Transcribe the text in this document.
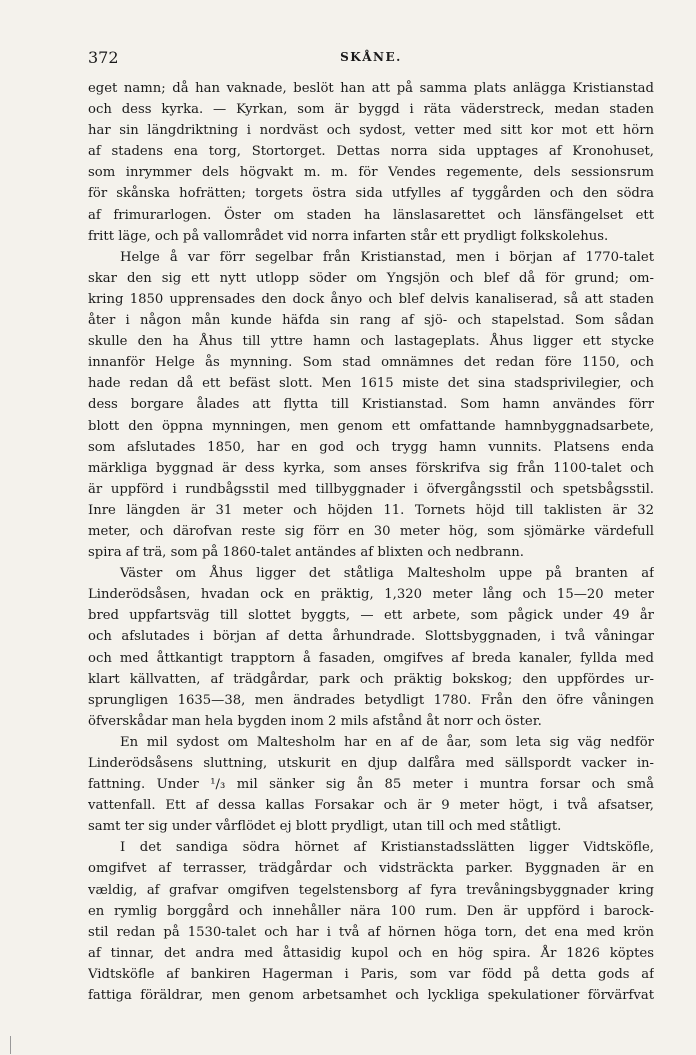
372	SKÅNE.
eget namn; då han vaknade, beslöt han att på samma plats anlägga Kristianstad
och dess kyrka. — Kyrkan, som är byggd i räta väderstreck, medan staden
har sin längdriktning i nordväst och sydost, vetter med sitt kor mot ett hörn
af stadens ena torg, Stortorget. Dettas norra sida upptages af Kronohuset,
som inrymmer dels högvakt m. m. för Vendes regemente, dels sessionsrum
för skånska hofrätten; torgets östra sida utfylles af tyggården och den södra
af frimurarlogen. Öster om staden ha länslasarettet och länsfängelset ett
fritt läge, och på vallområdet vid norra infarten står ett prydligt folkskolehus.
Helge å var förr segelbar från Kristianstad, men i början af 1770-talet
skar den sig ett nytt utlopp söder om Yngsjön och blef då för grund; om-
kring 1850 upprensades den dock ånyo och blef delvis kanaliserad, så att staden
åter i någon mån kunde häfda sin rang af sjö- och stapelstad. Som sådan
skulle den ha Åhus till yttre hamn och lastageplats. Åhus ligger ett stycke
innanför Helge ås mynning. Som stad omnämnes det redan före 1150, och
hade redan då ett befäst slott. Men 1615 miste det sina stadsprivilegier, och
dess borgare ålades att flytta till Kristianstad. Som hamn användes förr
blott den öppna mynningen, men genom ett omfattande hamnbyggnadsarbete,
som afslutades 1850, har en god och trygg hamn vunnits. Platsens enda
märkliga byggnad är dess kyrka, som anses förskrifva sig från 1100-talet och
är uppförd i rundbågsstil med tillbyggnader i öfvergångsstil och spetsbågsstil.
Inre längden är 31 meter och höjden 11. Tornets höjd till taklisten är 32
meter, och därofvan reste sig förr en 30 meter hög, som sjömärke värdefull
spira af trä, som på 1860-talet antändes af blixten och nedbrann.
Väster om Åhus ligger det ståtliga Maltesholm uppe på branten af
Linderödsåsen, hvadan ock en präktig, 1,320 meter lång och 15—20 meter
bred uppfartsväg till slottet byggts, — ett arbete, som pågick under 49 år
och afslutades i början af detta århundrade. Slottsbyggnaden, i två våningar
och med åttkantigt trapptorn å fasaden, omgifves af breda kanaler, fyllda med
klart källvatten, af trädgårdar, park och präktig bokskog; den uppfördes ur-
sprungligen 1635—38, men ändrades betydligt 1780. Från den öfre våningen
öfverskådar man hela bygden inom 2 mils afstånd åt norr och öster.
En mil sydost om Maltesholm har en af de åar, som leta sig väg nedför
Linderödsåsens sluttning, utskurit en djup dalfåra med sällspordt vacker in-
fattning. Under ¹/₃ mil sänker sig ån 85 meter i muntra forsar och små
vattenfall. Ett af dessa kallas Forsakar och är 9 meter högt, i två afsatser,
samt ter sig under vårflödet ej blott prydligt, utan till och med ståtligt.
I det sandiga södra hörnet af Kristianstadsslätten ligger Vidtsköfle,
omgifvet af terrasser, trädgårdar och vidsträckta parker. Byggnaden är en
vældig, af grafvar omgifven tegelstensborg af fyra trevåningsbyggnader kring
en rymlig borggård och innehåller nära 100 rum. Den är uppförd i barock-
stil redan på 1530-talet och har i två af hörnen höga torn, det ena med krön
af tinnar, det andra med åttasidig kupol och en hög spira. År 1826 köptes
Vidtsköfle af bankiren Hagerman i Paris, som var född på detta gods af
fattiga föräldrar, men genom arbetsamhet och lyckliga spekulationer förvärfvat
